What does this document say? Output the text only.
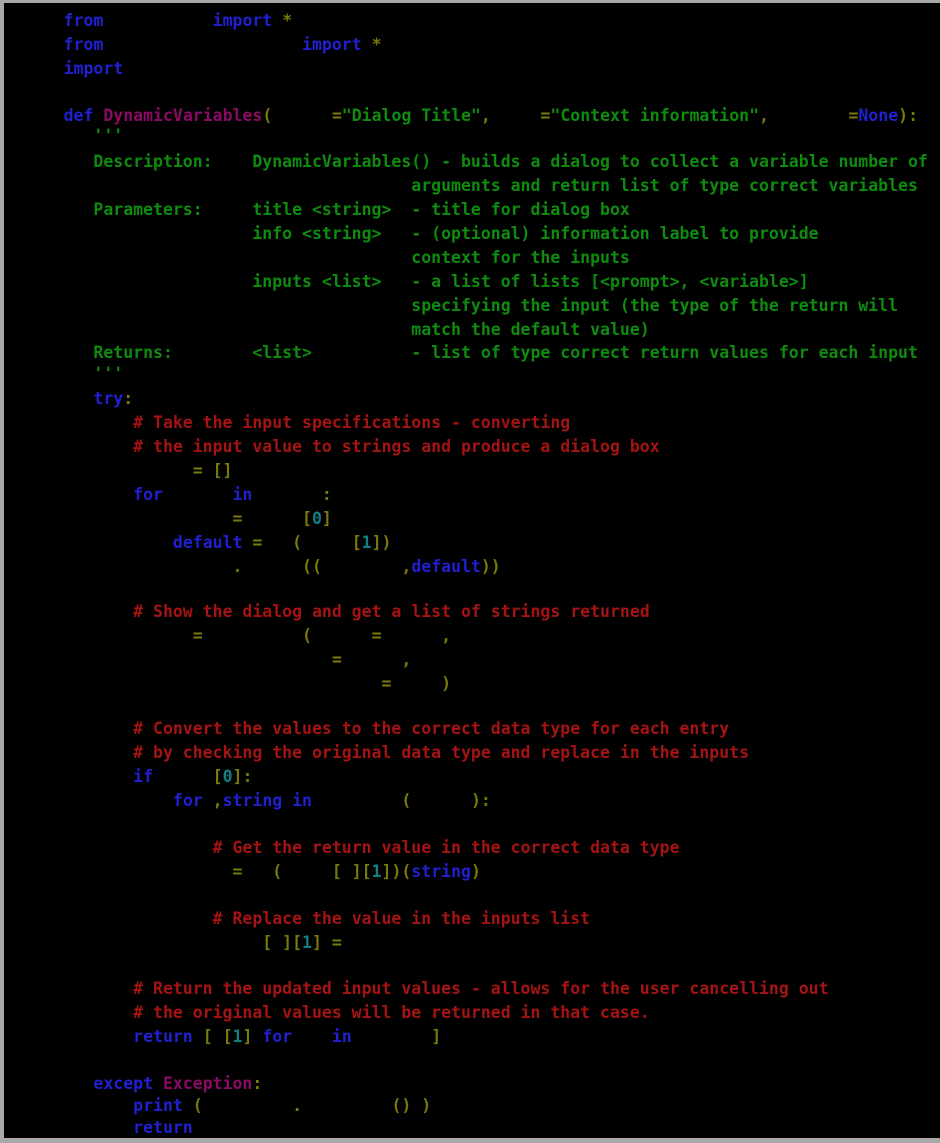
from	import *
from	import *
import

def DynamicVariables(	="Dialog Title",	="Context information",	=None):
'''
Description:    DynamicVariables() - builds a dialog to collect a variable number of
arguments and return list of type correct variables
Parameters:     title <string>  - title for dialog box
info <string>   - (optional) information label to provide
context for the inputs
inputs <list>   - a list of lists [<prompt>, <variable>]
specifying the input (the type of the return will
match the default value)
Returns:        <list>          - list of type correct return values for each input
'''
try:
# Take the input specifications - converting
# the input value to strings and produce a dialog box
= []
for	in	:
=	[0]
default = (	[1])
.	((	,default))

# Show the dialog and get a list of strings returned
=	(	=	,
=	,
=	)

# Convert the values to the correct data type for each entry
# by checking the original data type and replace in the inputs
if	[0]:
for ,string in	(	):

# Get the return value in the correct data type
= (	[ ][1])(string)

# Replace the value in the inputs list
[ ][1] =

# Return the updated input values - allows for the user cancelling out
# the original values will be returned in that case.
return [ [1] for in	]

except Exception:
print (	.	() )
return
